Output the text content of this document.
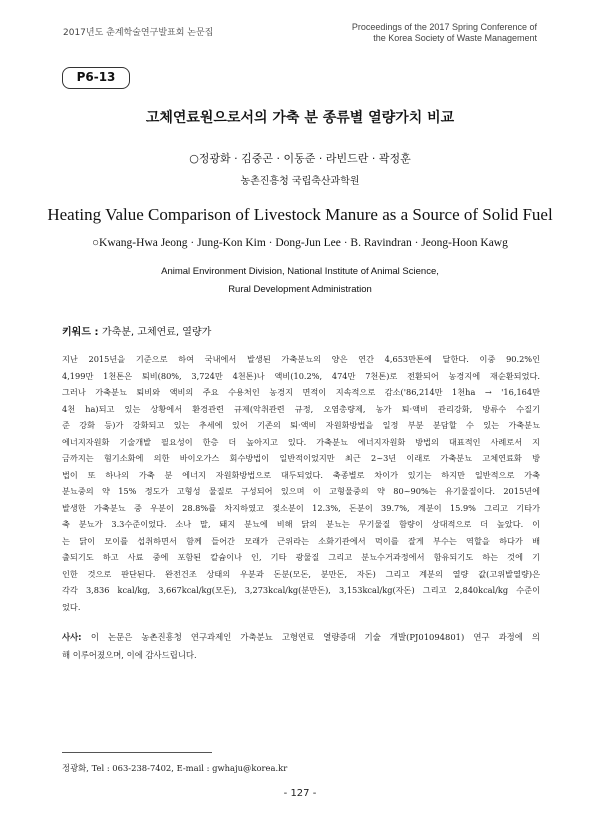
2017년도 춘계학술연구발표회 논문집
Proceedings of the 2017 Spring Conference of
the Korea Society of Waste Management
P6-13
고체연료원으로서의 가축 분 종류별 열량가치 비교
○정광화 · 김중곤 · 이동준 · 라빈드란 · 곽정훈
농촌진흥청 국립축산과학원
Heating Value Comparison of Livestock Manure as a Source of Solid Fuel
○Kwang-Hwa Jeong · Jung-Kon Kim · Dong-Jun Lee · B. Ravindran · Jeong-Hoon Kawg
Animal Environment Division, National Institute of Animal Science,
Rural Development Administration
키워드 : 가축분, 고체연료, 열량가
지난 2015년을 기준으로 하여 국내에서 발생된 가축분뇨의 양은 연간 4,653만톤에 달한다. 이중 90.2%인
4,199만 1천톤은 퇴비(80%, 3,724만 4천톤)나 액비(10.2%, 474만 7천톤)로 전환되어 농경지에 재순환되었다.
그러나 가축분뇨 퇴비와 액비의 주요 수용처인 농경지 면적이 지속적으로 감소('86,214만 1천ha → '16,164만
4천 ha)되고 있는 상황에서 환경관련 규제(악취관련 규정, 오염총량제, 농가 퇴·액비 관리강화, 방류수 수질기
준 강화 등)가 강화되고 있는 추세에 있어 기존의 퇴·액비 자원화방법을 일정 부분 분담할 수 있는 가축분뇨
에너지자원화 기술개발 필요성이 한층 더 높아지고 있다. 가축분뇨 에너지자원화 방법의 대표적인 사례로서 지
금까지는 혐기소화에 의한 바이오가스 회수방법이 일반적이었지만 최근 2~3년 이래로 가축분뇨 고체연료화 방
법이 또 하나의 가축 분 에너지 자원화방법으로 대두되었다. 축종별로 차이가 있기는 하지만 일반적으로 가축
분뇨중의 약 15% 정도가 고형성 물질로 구성되어 있으며 이 고형물중의 약 80~90%는 유기물질이다. 2015년에
발생한 가축분뇨 중 우분이 28.8%를 차지하였고 젖소분이 12.3%, 돈분이 39.7%, 계분이 15.9% 그리고 기타가
축 분뇨가 3.3수준이었다. 소나 말, 돼지 분뇨에 비해 닭의 분뇨는 무기물질 함량이 상대적으로 더 높았다. 이
는 닭이 모이를 섭취하면서 함께 들어간 모래가 근위라는 소화기관에서 먹이를 잘게 부수는 역할을 하다가 배
출되기도 하고 사료 중에 포함된 칼슘이나 인, 기타 광물질 그리고 분뇨수거과정에서 함유되기도 하는 것에 기
인한 것으로 판단된다. 완전건조 상태의 우분과 돈분(모돈, 분만돈, 자돈) 그리고 계분의 열량 값(고위발열량)은
각각 3,836 kcal/kg, 3,667kcal/kg(모돈), 3,273kcal/kg(분만돈), 3,153kcal/kg(자돈) 그리고 2,840kcal/kg 수준이
었다.
사사: 이 논문은 농촌진흥청 연구과제인 가축분뇨 고형연료 열량증대 기술 개발(PJ01094801) 연구 과정에 의
해 이루어졌으며, 이에 감사드립니다.
정광화, Tel : 063-238-7402, E-mail : gwhaju@korea.kr
- 127 -
